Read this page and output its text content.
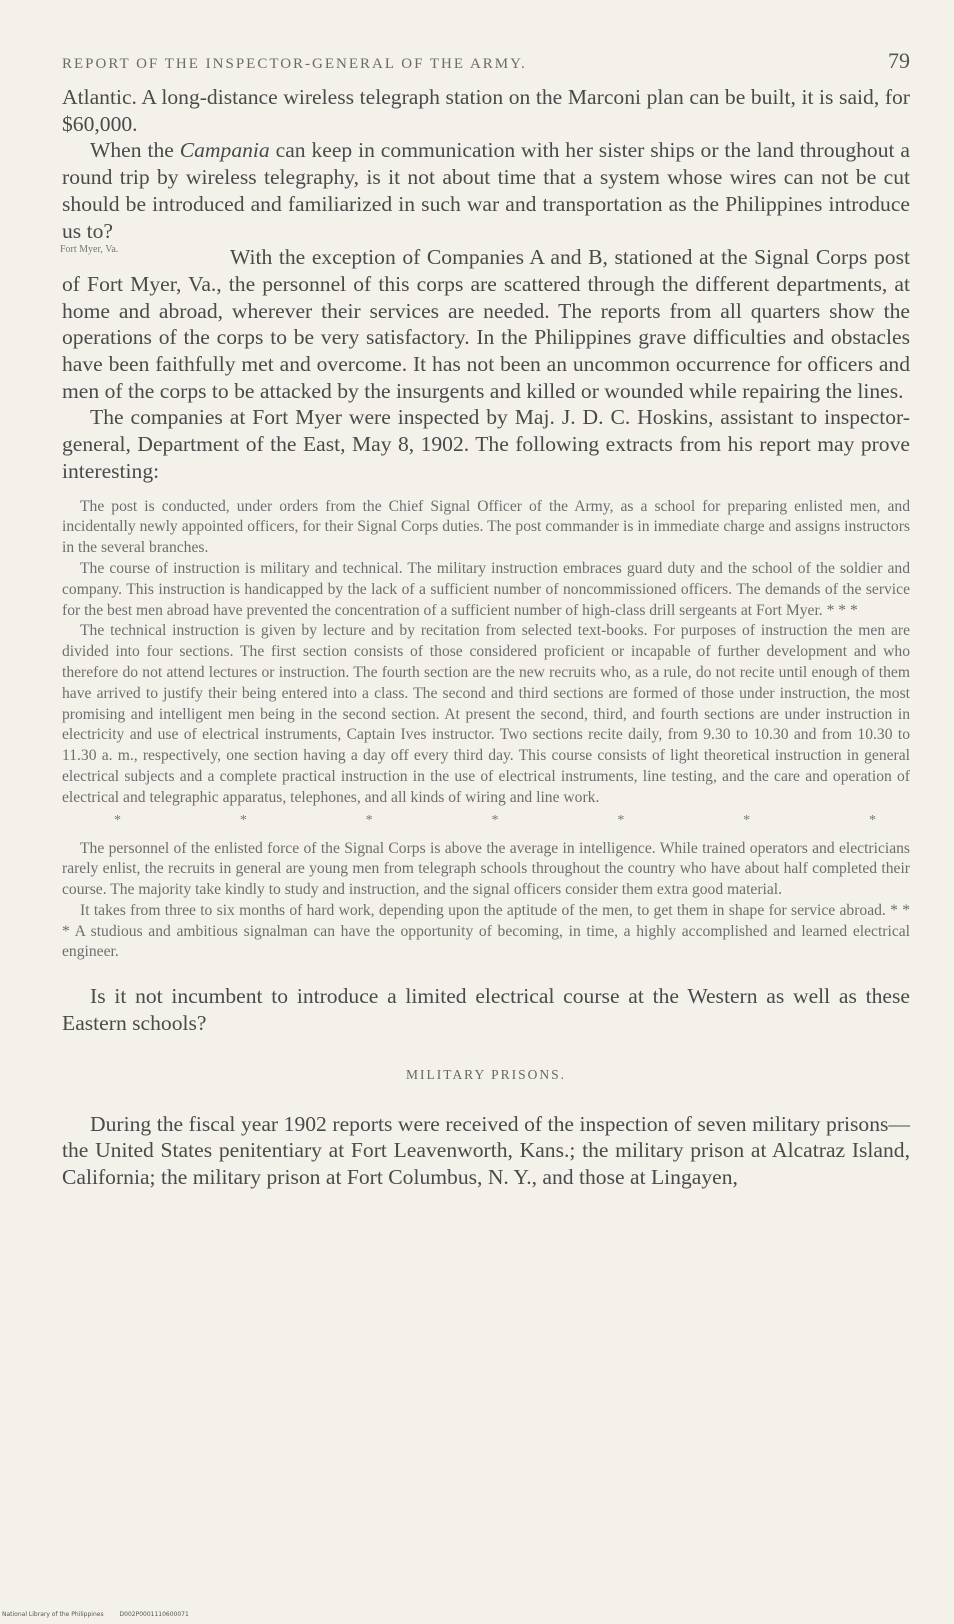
REPORT OF THE INSPECTOR-GENERAL OF THE ARMY.	79

Atlantic. A long-distance wireless telegraph station on the Marconi plan can be built, it is said, for $60,000.

When the Campania can keep in communication with her sister ships or the land throughout a round trip by wireless telegraphy, is it not about time that a system whose wires can not be cut should be introduced and familiarized in such war and transportation as the Philippines introduce us to?

Fort Myer, Va.	With the exception of Companies A and B, stationed at the Signal Corps post of Fort Myer, Va., the personnel of this corps are scattered through the different departments, at home and abroad, wherever their services are needed. The reports from all quarters show the operations of the corps to be very satisfactory. In the Philippines grave difficulties and obstacles have been faithfully met and overcome. It has not been an uncommon occurrence for officers and men of the corps to be attacked by the insurgents and killed or wounded while repairing the lines.

The companies at Fort Myer were inspected by Maj. J. D. C. Hoskins, assistant to inspector-general, Department of the East, May 8, 1902. The following extracts from his report may prove interesting:

The post is conducted, under orders from the Chief Signal Officer of the Army, as a school for preparing enlisted men, and incidentally newly appointed officers, for their Signal Corps duties. The post commander is in immediate charge and assigns instructors in the several branches.

The course of instruction is military and technical. The military instruction embraces guard duty and the school of the soldier and company. This instruction is handicapped by the lack of a sufficient number of noncommissioned officers. The demands of the service for the best men abroad have prevented the concentration of a sufficient number of high-class drill sergeants at Fort Myer. * * *

The technical instruction is given by lecture and by recitation from selected text-books. For purposes of instruction the men are divided into four sections. The first section consists of those considered proficient or incapable of further development and who therefore do not attend lectures or instruction. The fourth section are the new recruits who, as a rule, do not recite until enough of them have arrived to justify their being entered into a class. The second and third sections are formed of those under instruction, the most promising and intelligent men being in the second section. At present the second, third, and fourth sections are under instruction in electricity and use of electrical instruments, Captain Ives instructor. Two sections recite daily, from 9.30 to 10.30 and from 10.30 to 11.30 a. m., respectively, one section having a day off every third day. This course consists of light theoretical instruction in general electrical subjects and a complete practical instruction in the use of electrical instruments, line testing, and the care and operation of electrical and telegraphic apparatus, telephones, and all kinds of wiring and line work.

*	*	*	*	*	*	*

The personnel of the enlisted force of the Signal Corps is above the average in intelligence. While trained operators and electricians rarely enlist, the recruits in general are young men from telegraph schools throughout the country who have about half completed their course. The majority take kindly to study and instruction, and the signal officers consider them extra good material.

It takes from three to six months of hard work, depending upon the aptitude of the men, to get them in shape for service abroad. * * * A studious and ambitious signalman can have the opportunity of becoming, in time, a highly accomplished and learned electrical engineer.

Is it not incumbent to introduce a limited electrical course at the Western as well as these Eastern schools?

MILITARY PRISONS.

During the fiscal year 1902 reports were received of the inspection of seven military prisons—the United States penitentiary at Fort Leavenworth, Kans.; the military prison at Alcatraz Island, California; the military prison at Fort Columbus, N. Y., and those at Lingayen,

National Library of the Philippines	D002P0001110600071
